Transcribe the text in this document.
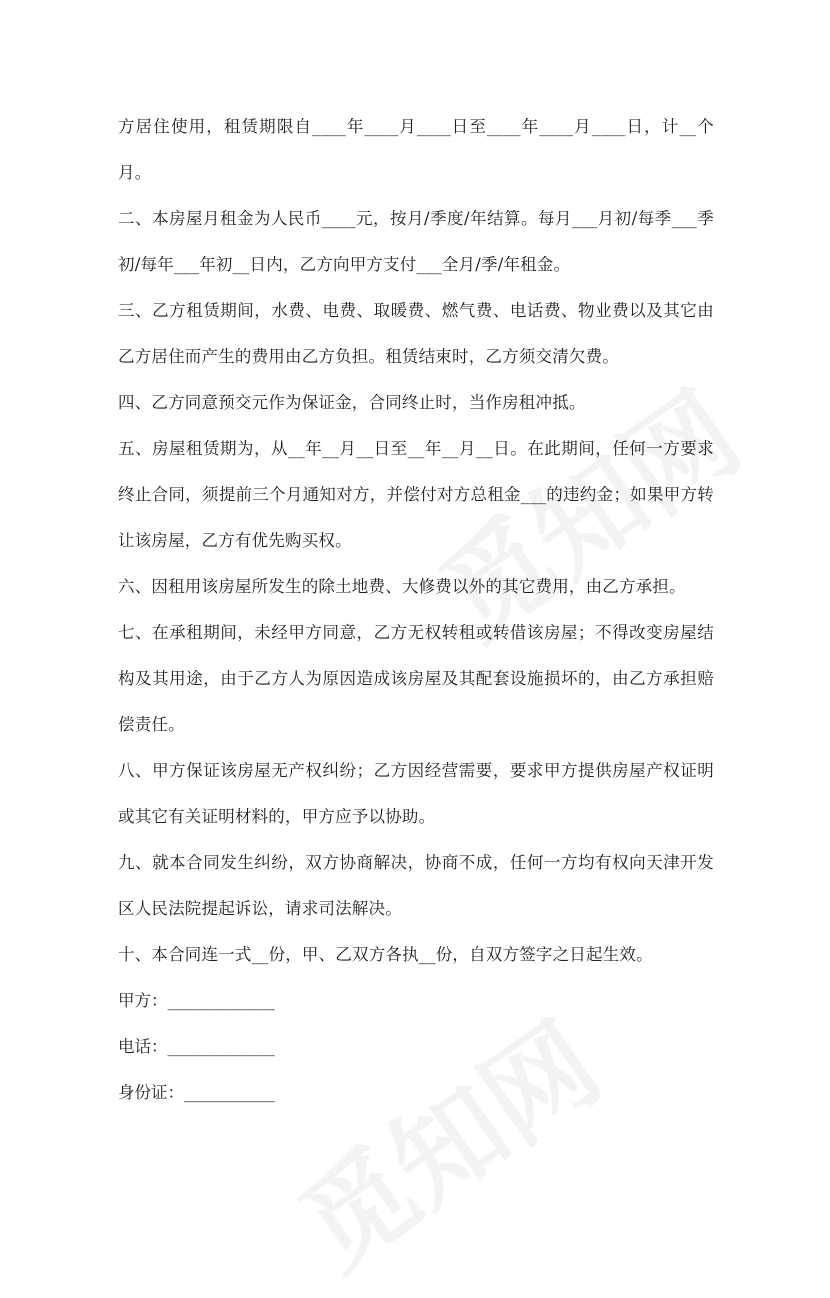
方居住使用，租赁期限自____年____月____日至____年____月____日，计__个月。

二、本房屋月租金为人民币____元，按月/季度/年结算。每月___月初/每季___季初/每年___年初__日内，乙方向甲方支付___全月/季/年租金。

三、乙方租赁期间，水费、电费、取暖费、燃气费、电话费、物业费以及其它由乙方居住而产生的费用由乙方负担。租赁结束时，乙方须交清欠费。

四、乙方同意预交元作为保证金，合同终止时，当作房租冲抵。

五、房屋租赁期为，从__年__月__日至__年__月__日。在此期间，任何一方要求终止合同，须提前三个月通知对方，并偿付对方总租金___的违约金；如果甲方转让该房屋，乙方有优先购买权。

六、因租用该房屋所发生的除土地费、大修费以外的其它费用，由乙方承担。

七、在承租期间，未经甲方同意，乙方无权转租或转借该房屋；不得改变房屋结构及其用途，由于乙方人为原因造成该房屋及其配套设施损坏的，由乙方承担赔偿责任。

八、甲方保证该房屋无产权纠纷；乙方因经营需要，要求甲方提供房屋产权证明或其它有关证明材料的，甲方应予以协助。

九、就本合同发生纠纷，双方协商解决，协商不成，任何一方均有权向天津开发区人民法院提起诉讼，请求司法解决。

十、本合同连一式__份，甲、乙双方各执__份，自双方签字之日起生效。

甲方：_____________

电话：_____________

身份证：___________
